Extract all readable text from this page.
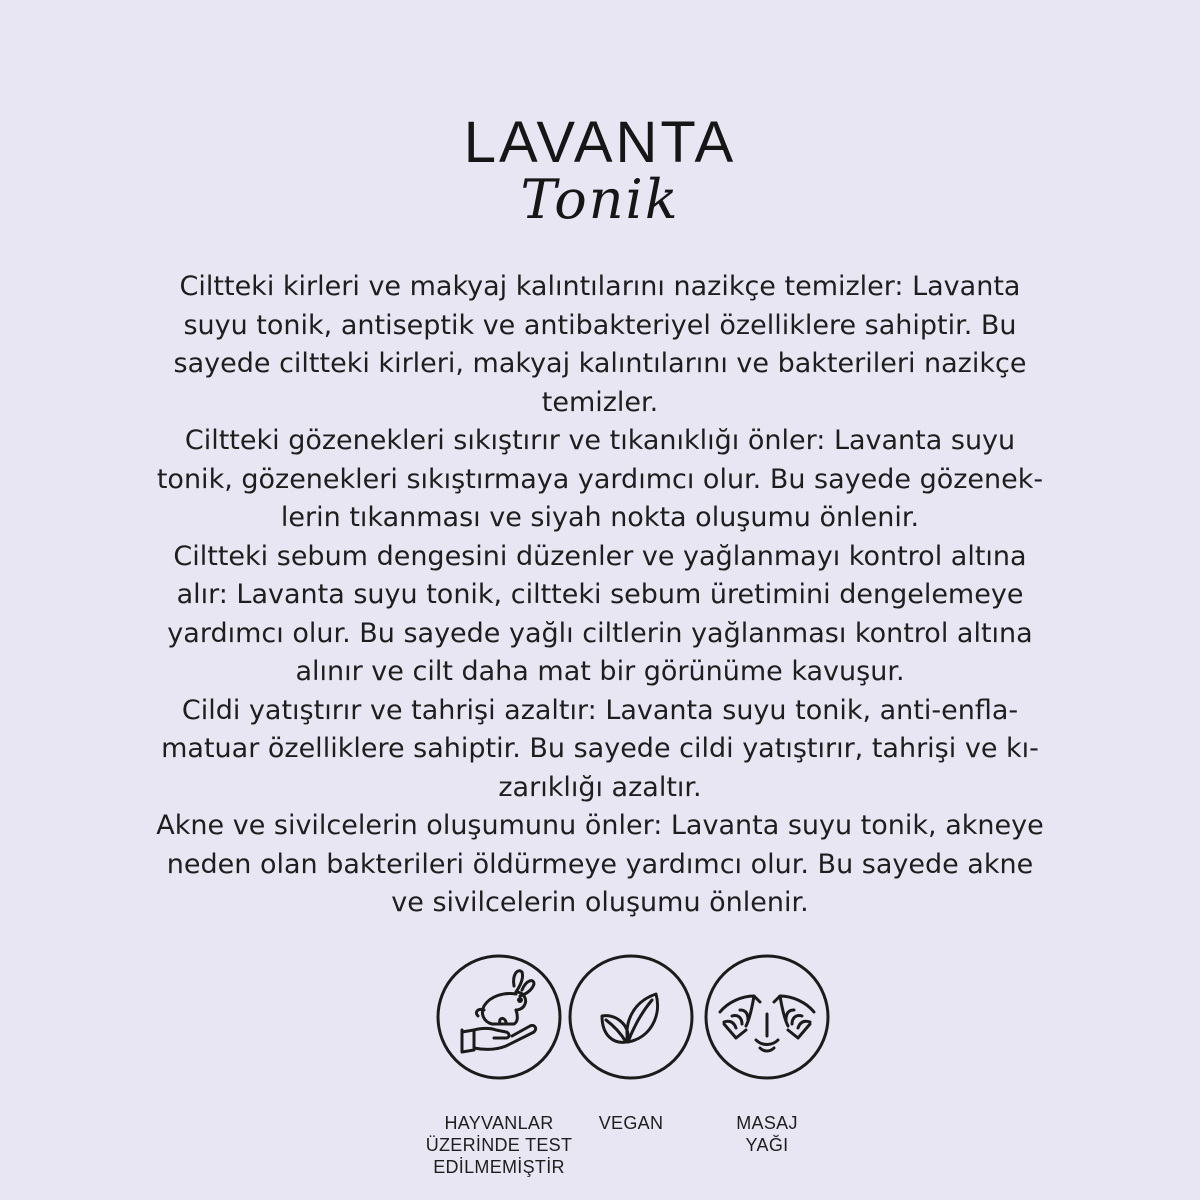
LAVANTA
Tonik
Ciltteki kirleri ve makyaj kalıntılarını nazikçe temizler: Lavanta
suyu tonik, antiseptik ve antibakteriyel özelliklere sahiptir. Bu
sayede ciltteki kirleri, makyaj kalıntılarını ve bakterileri nazikçe
temizler.
Ciltteki gözenekleri sıkıştırır ve tıkanıklığı önler: Lavanta suyu
tonik, gözenekleri sıkıştırmaya yardımcı olur. Bu sayede gözenek-
lerin tıkanması ve siyah nokta oluşumu önlenir.
Ciltteki sebum dengesini düzenler ve yağlanmayı kontrol altına
alır: Lavanta suyu tonik, ciltteki sebum üretimini dengelemeye
yardımcı olur. Bu sayede yağlı ciltlerin yağlanması kontrol altına
alınır ve cilt daha mat bir görünüme kavuşur.
Cildi yatıştırır ve tahrişi azaltır: Lavanta suyu tonik, anti-enfla-
matuar özelliklere sahiptir. Bu sayede cildi yatıştırır, tahrişi ve kı-
zarıklığı azaltır.
Akne ve sivilcelerin oluşumunu önler: Lavanta suyu tonik, akneye
neden olan bakterileri öldürmeye yardımcı olur. Bu sayede akne
ve sivilcelerin oluşumu önlenir.
HAYVANLAR
ÜZERİNDE TEST
EDİLMEMİŞTİR
VEGAN	MASAJ
YAĞI
